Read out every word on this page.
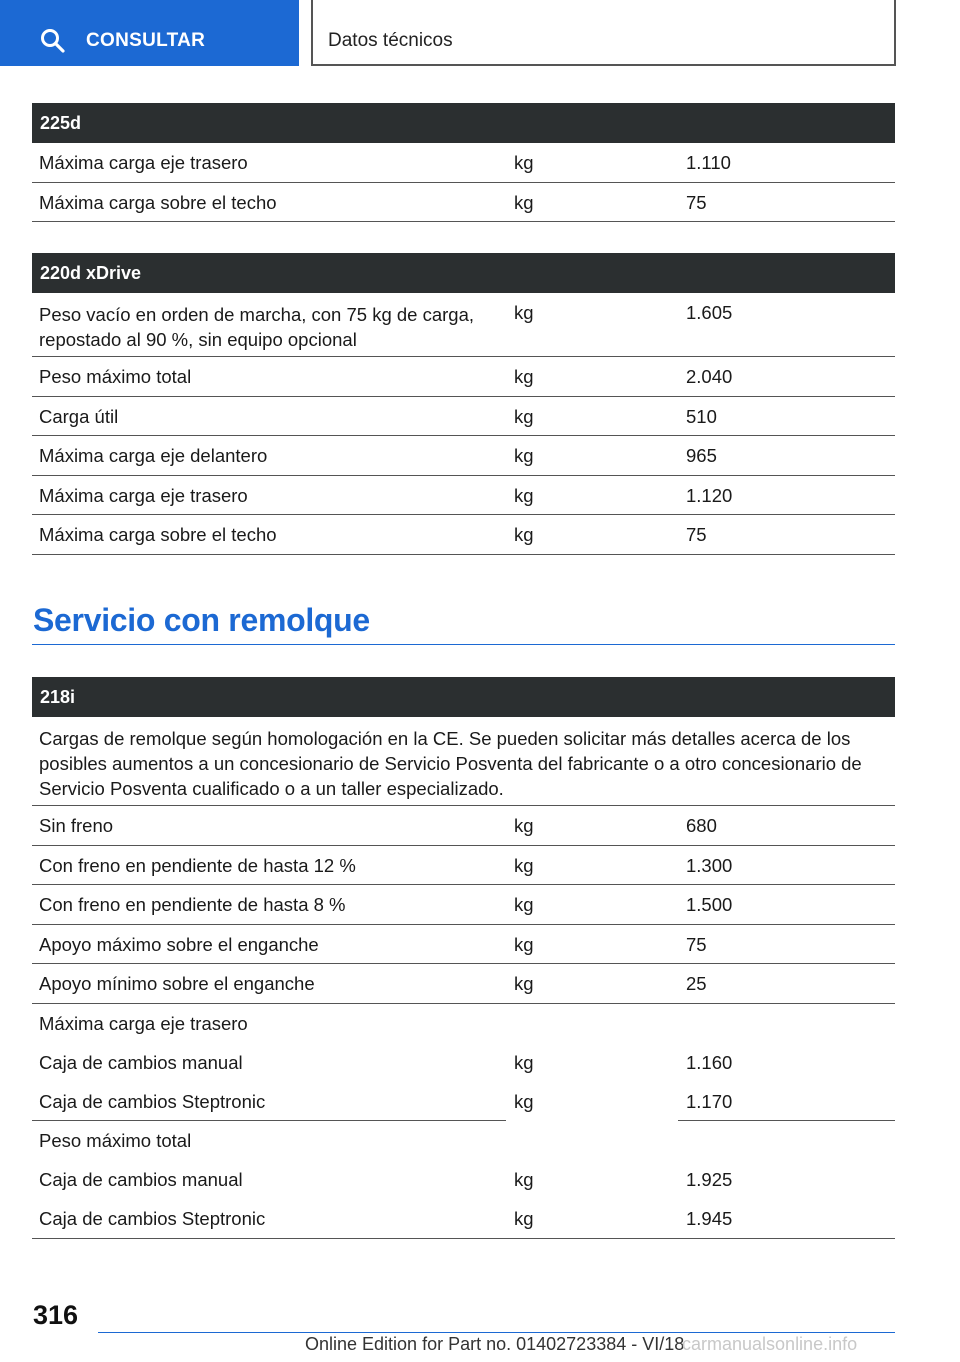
CONSULTAR	Datos técnicos
225d
Máxima carga eje trasero	kg	1.110
Máxima carga sobre el techo	kg	75
220d xDrive
Peso vacío en orden de marcha, con 75 kg de carga,
repostado al 90 %, sin equipo opcional
kg	1.605
Peso máximo total	kg	2.040
Carga útil	kg	510
Máxima carga eje delantero	kg	965
Máxima carga eje trasero	kg	1.120
Máxima carga sobre el techo	kg	75
Servicio con remolque
218i
Cargas de remolque según homologación en la CE. Se pueden solicitar más detalles acerca de los
posibles aumentos a un concesionario de Servicio Posventa del fabricante o a otro concesionario de
Servicio Posventa cualificado o a un taller especializado.
Sin freno	kg	680
Con freno en pendiente de hasta 12 %	kg	1.300
Con freno en pendiente de hasta 8 %	kg	1.500
Apoyo máximo sobre el enganche	kg	75
Apoyo mínimo sobre el enganche	kg	25
Máxima carga eje trasero
Caja de cambios manual	kg	1.160
Caja de cambios Steptronic	kg	1.170
Peso máximo total
Caja de cambios manual	kg	1.925
Caja de cambios Steptronic	kg	1.945
316
Online Edition for Part no. 01402723384 - VI/18
carmanualsonline.info
